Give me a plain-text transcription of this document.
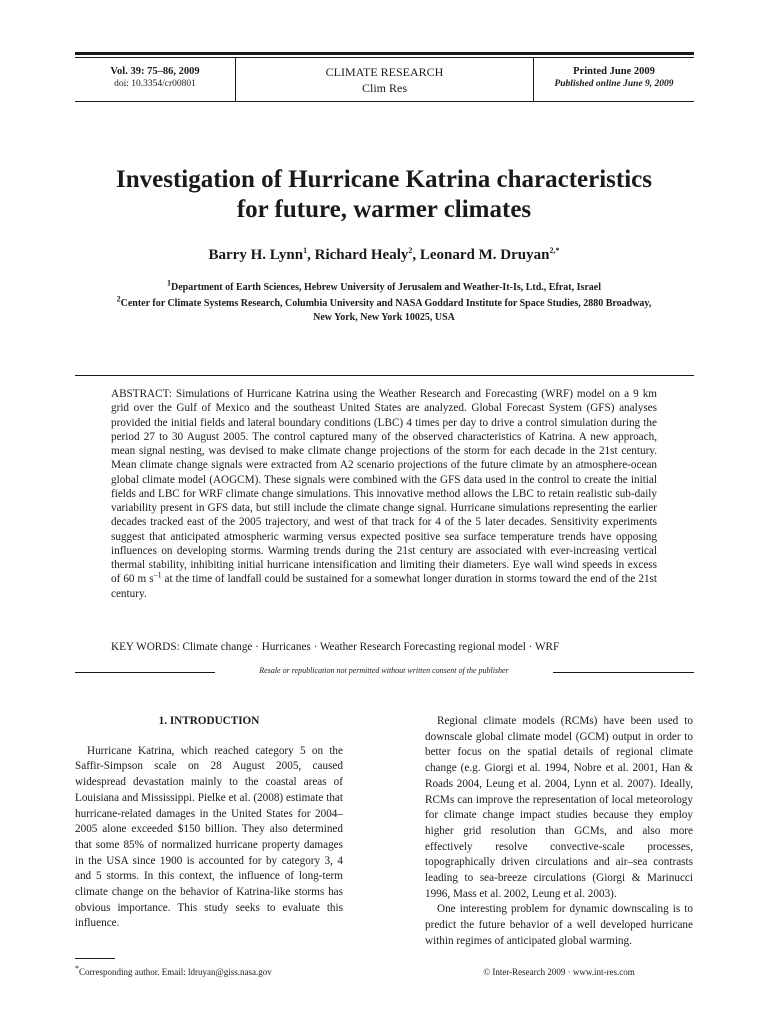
Vol. 39: 75–86, 2009
doi: 10.3354/cr00801
CLIMATE RESEARCH
Clim Res
Printed June 2009
Published online June 9, 2009
Investigation of Hurricane Katrina characteristics
for future, warmer climates
Barry H. Lynn$^1$, Richard Healy$^2$, Leonard M. Druyan$^{2,*}$
$^1$Department of Earth Sciences, Hebrew University of Jerusalem and Weather-It-Is, Ltd., Efrat, Israel
$^2$Center for Climate Systems Research, Columbia University and NASA Goddard Institute for Space Studies, 2880 Broadway,
New York, New York 10025, USA
ABSTRACT: Simulations of Hurricane Katrina using the Weather Research and Forecasting (WRF) model on a 9 km grid over the Gulf of Mexico and the southeast United States are analyzed. Global Forecast System (GFS) analyses provided the initial fields and lateral boundary conditions (LBC) 4 times per day to drive a control simulation during the period 27 to 30 August 2005. The control captured many of the observed characteristics of Katrina. A new approach, mean signal nesting, was devised to make climate change projections of the storm for each decade in the 21st century. Mean climate change signals were extracted from A2 scenario projections of the future climate by an atmosphere-ocean global climate model (AOGCM). These signals were combined with the GFS data used in the control to create the initial fields and LBC for WRF climate change simulations. This innovative method allows the LBC to retain realistic sub-daily variability present in GFS data, but still include the climate change signal. Hurricane simulations representing the earlier decades tracked east of the 2005 trajectory, and west of that track for 4 of the 5 later decades. Sensitivity experiments suggest that anticipated atmospheric warming versus expected positive sea surface temperature trends have opposing influences on developing storms. Warming trends during the 21st century are associated with ever-increasing vertical thermal stability, inhibiting initial hurricane intensification and limiting their diameters. Eye wall wind speeds in excess of 60 m $s^{-1}$ at the time of landfall could be sustained for a somewhat longer duration in storms toward the end of the 21st century.
KEY WORDS: Climate change · Hurricanes · Weather Research Forecasting regional model · WRF
Resale or republication not permitted without written consent of the publisher
1. INTRODUCTION

Hurricane Katrina, which reached category 5 on the Saffir-Simpson scale on 28 August 2005, caused widespread devastation mainly to the coastal areas of Louisiana and Mississippi. Pielke et al. (2008) estimate that hurricane-related damages in the United States for 2004–2005 alone exceeded $150 billion. They also determined that some 85% of normalized hurricane property damages in the USA since 1900 is accounted for by category 3, 4 and 5 storms. In this context, the influence of long-term climate change on the behavior of Katrina-like storms has obvious importance. This study seeks to evaluate this influence.

Regional climate models (RCMs) have been used to downscale global climate model (GCM) output in order to better focus on the spatial details of regional climate change (e.g. Giorgi et al. 1994, Nobre et al. 2001, Han & Roads 2004, Leung et al. 2004, Lynn et al. 2007). Ideally, RCMs can improve the representation of local meteorology for climate change impact studies because they employ higher grid resolution than GCMs, and also more effectively resolve convective-scale processes, topographically driven circulations and air–sea contrasts leading to sea-breeze circulations (Giorgi & Marinucci 1996, Mass et al. 2002, Leung et al. 2003).

One interesting problem for dynamic downscaling is to predict the future behavior of a well developed hurricane within regimes of anticipated global warming.

*Corresponding author. Email: ldruyan@giss.nasa.gov	© Inter-Research 2009 · www.int-res.com
